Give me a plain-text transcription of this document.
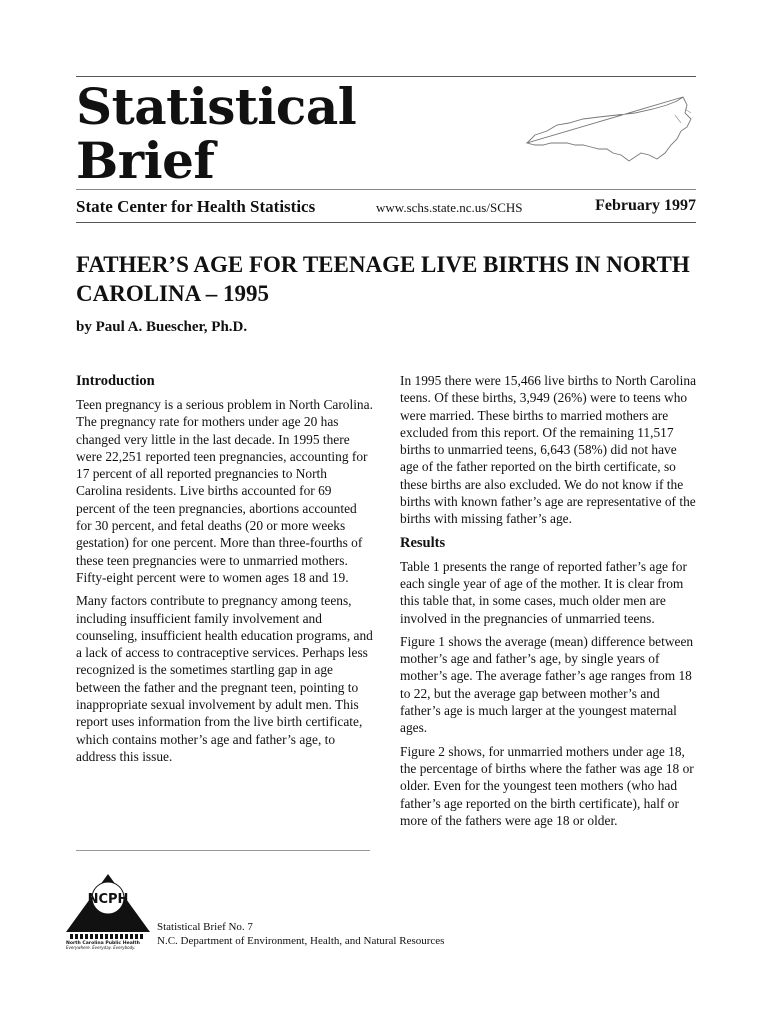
Statistical
Brief
State Center for Health Statistics	www.schs.state.nc.us/SCHS	February 1997
FATHER’S AGE FOR TEENAGE LIVE BIRTHS IN NORTH CAROLINA – 1995
by Paul A. Buescher, Ph.D.
Introduction

Teen pregnancy is a serious problem in North Carolina. The pregnancy rate for mothers under age 20 has changed very little in the last decade. In 1995 there were 22,251 reported teen pregnancies, accounting for 17 percent of all reported pregnancies to North Carolina residents. Live births accounted for 69 percent of the teen pregnancies, abortions accounted for 30 percent, and fetal deaths (20 or more weeks gestation) for one percent. More than three-fourths of these teen pregnancies were to unmarried mothers. Fifty-eight percent were to women ages 18 and 19.

Many factors contribute to pregnancy among teens, including insufficient family involvement and counseling, insufficient health education programs, and a lack of access to contraceptive services. Perhaps less recognized is the sometimes startling gap in age between the father and the pregnant teen, pointing to inappropriate sexual involvement by adult men. This report uses information from the live birth certificate, which contains mother’s age and father’s age, to address this issue.

In 1995 there were 15,466 live births to North Carolina teens. Of these births, 3,949 (26%) were to teens who were married. These births to married mothers are excluded from this report. Of the remaining 11,517 births to unmarried teens, 6,643 (58%) did not have age of the father reported on the birth certificate, so these births are also excluded. We do not know if the births with known father’s age are representative of the births with missing father’s age.

Results

Table 1 presents the range of reported father’s age for each single year of age of the mother. It is clear from this table that, in some cases, much older men are involved in the pregnancies of unmarried teens.

Figure 1 shows the average (mean) difference between mother’s age and father’s age, by single years of mother’s age. The average father’s age ranges from 18 to 22, but the average gap between mother’s and father’s age is much larger at the youngest maternal ages.

Figure 2 shows, for unmarried mothers under age 18, the percentage of births where the father was age 18 or older. Even for the youngest teen mothers (who had father’s age reported on the birth certificate), half or more of the fathers were age 18 or older.

NCPH
North Carolina Public Health
Everywhere. Everyday. Everybody.
Statistical Brief No. 7
N.C. Department of Environment, Health, and Natural Resources
